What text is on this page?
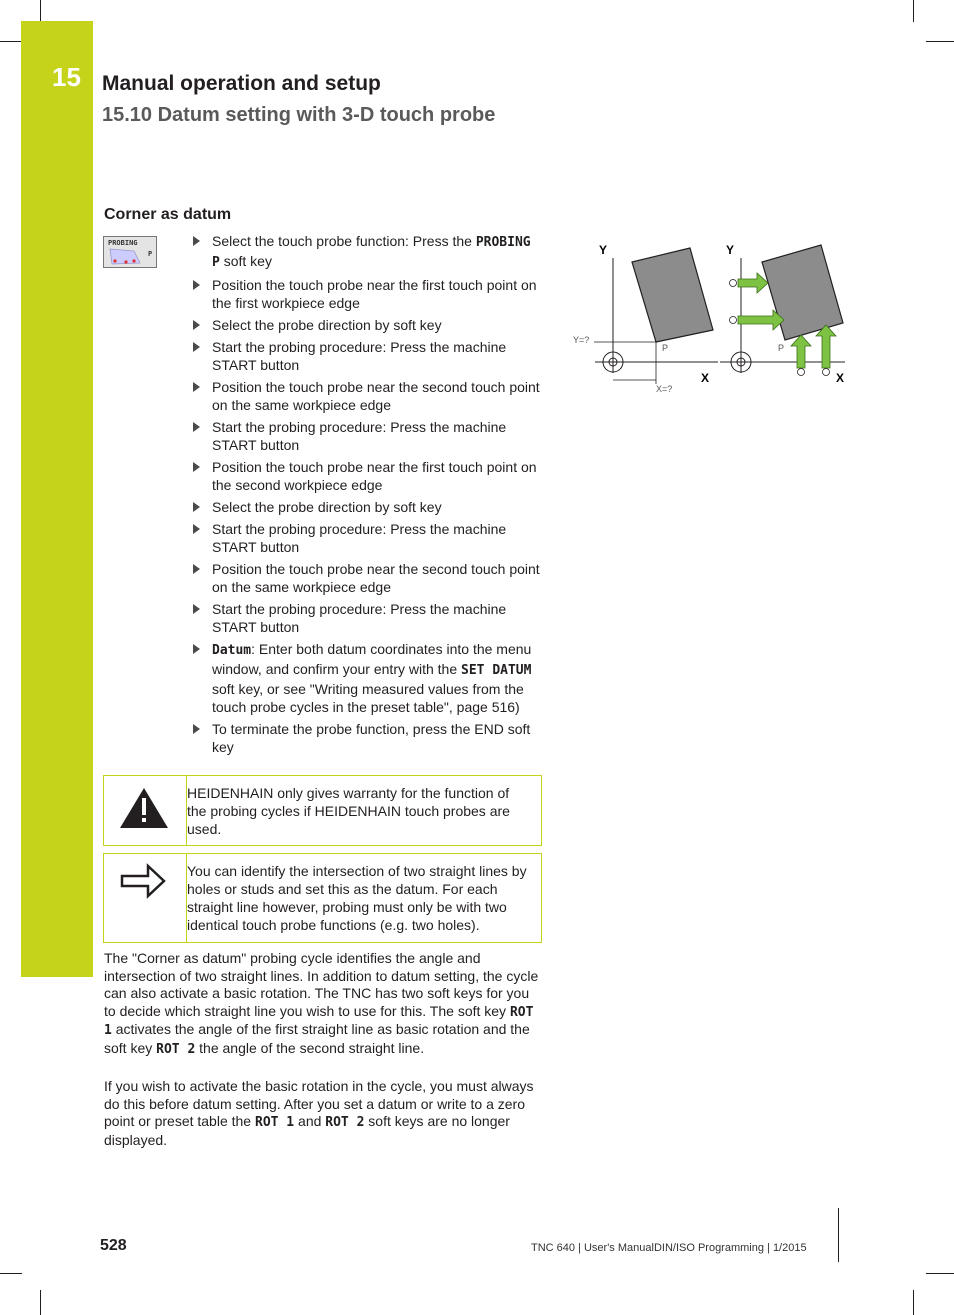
15 Manual operation and setup
15.10 Datum setting with 3-D touch probe
Corner as datum
PROBING
P
Select the touch probe function: Press the PROBING P soft key
Position the touch probe near the first touch point on the first workpiece edge
Select the probe direction by soft key
Start the probing procedure: Press the machine START button
Position the touch probe near the second touch point on the same workpiece edge
Start the probing procedure: Press the machine START button
Position the touch probe near the first touch point on the second workpiece edge
Select the probe direction by soft key
Start the probing procedure: Press the machine START button
Position the touch probe near the second touch point on the same workpiece edge
Start the probing procedure: Press the machine START button
Datum: Enter both datum coordinates into the menu window, and confirm your entry with the SET DATUM soft key, or see "Writing measured values from the touch probe cycles in the preset table", page 516)
To terminate the probe function, press the END soft key
Y
X
Y=?
X=?
P
Y
X
P
HEIDENHAIN only gives warranty for the function of the probing cycles if HEIDENHAIN touch probes are used.
You can identify the intersection of two straight lines by holes or studs and set this as the datum. For each straight line however, probing must only be with two identical touch probe functions (e.g. two holes).

The "Corner as datum" probing cycle identifies the angle and intersection of two straight lines. In addition to datum setting, the cycle can also activate a basic rotation. The TNC has two soft keys for you to decide which straight line you wish to use for this. The soft key ROT 1 activates the angle of the first straight line as basic rotation and the soft key ROT 2 the angle of the second straight line.

If you wish to activate the basic rotation in the cycle, you must always do this before datum setting. After you set a datum or write to a zero point or preset table the ROT 1 and ROT 2 soft keys are no longer displayed.

528	TNC 640 | User's ManualDIN/ISO Programming | 1/2015
